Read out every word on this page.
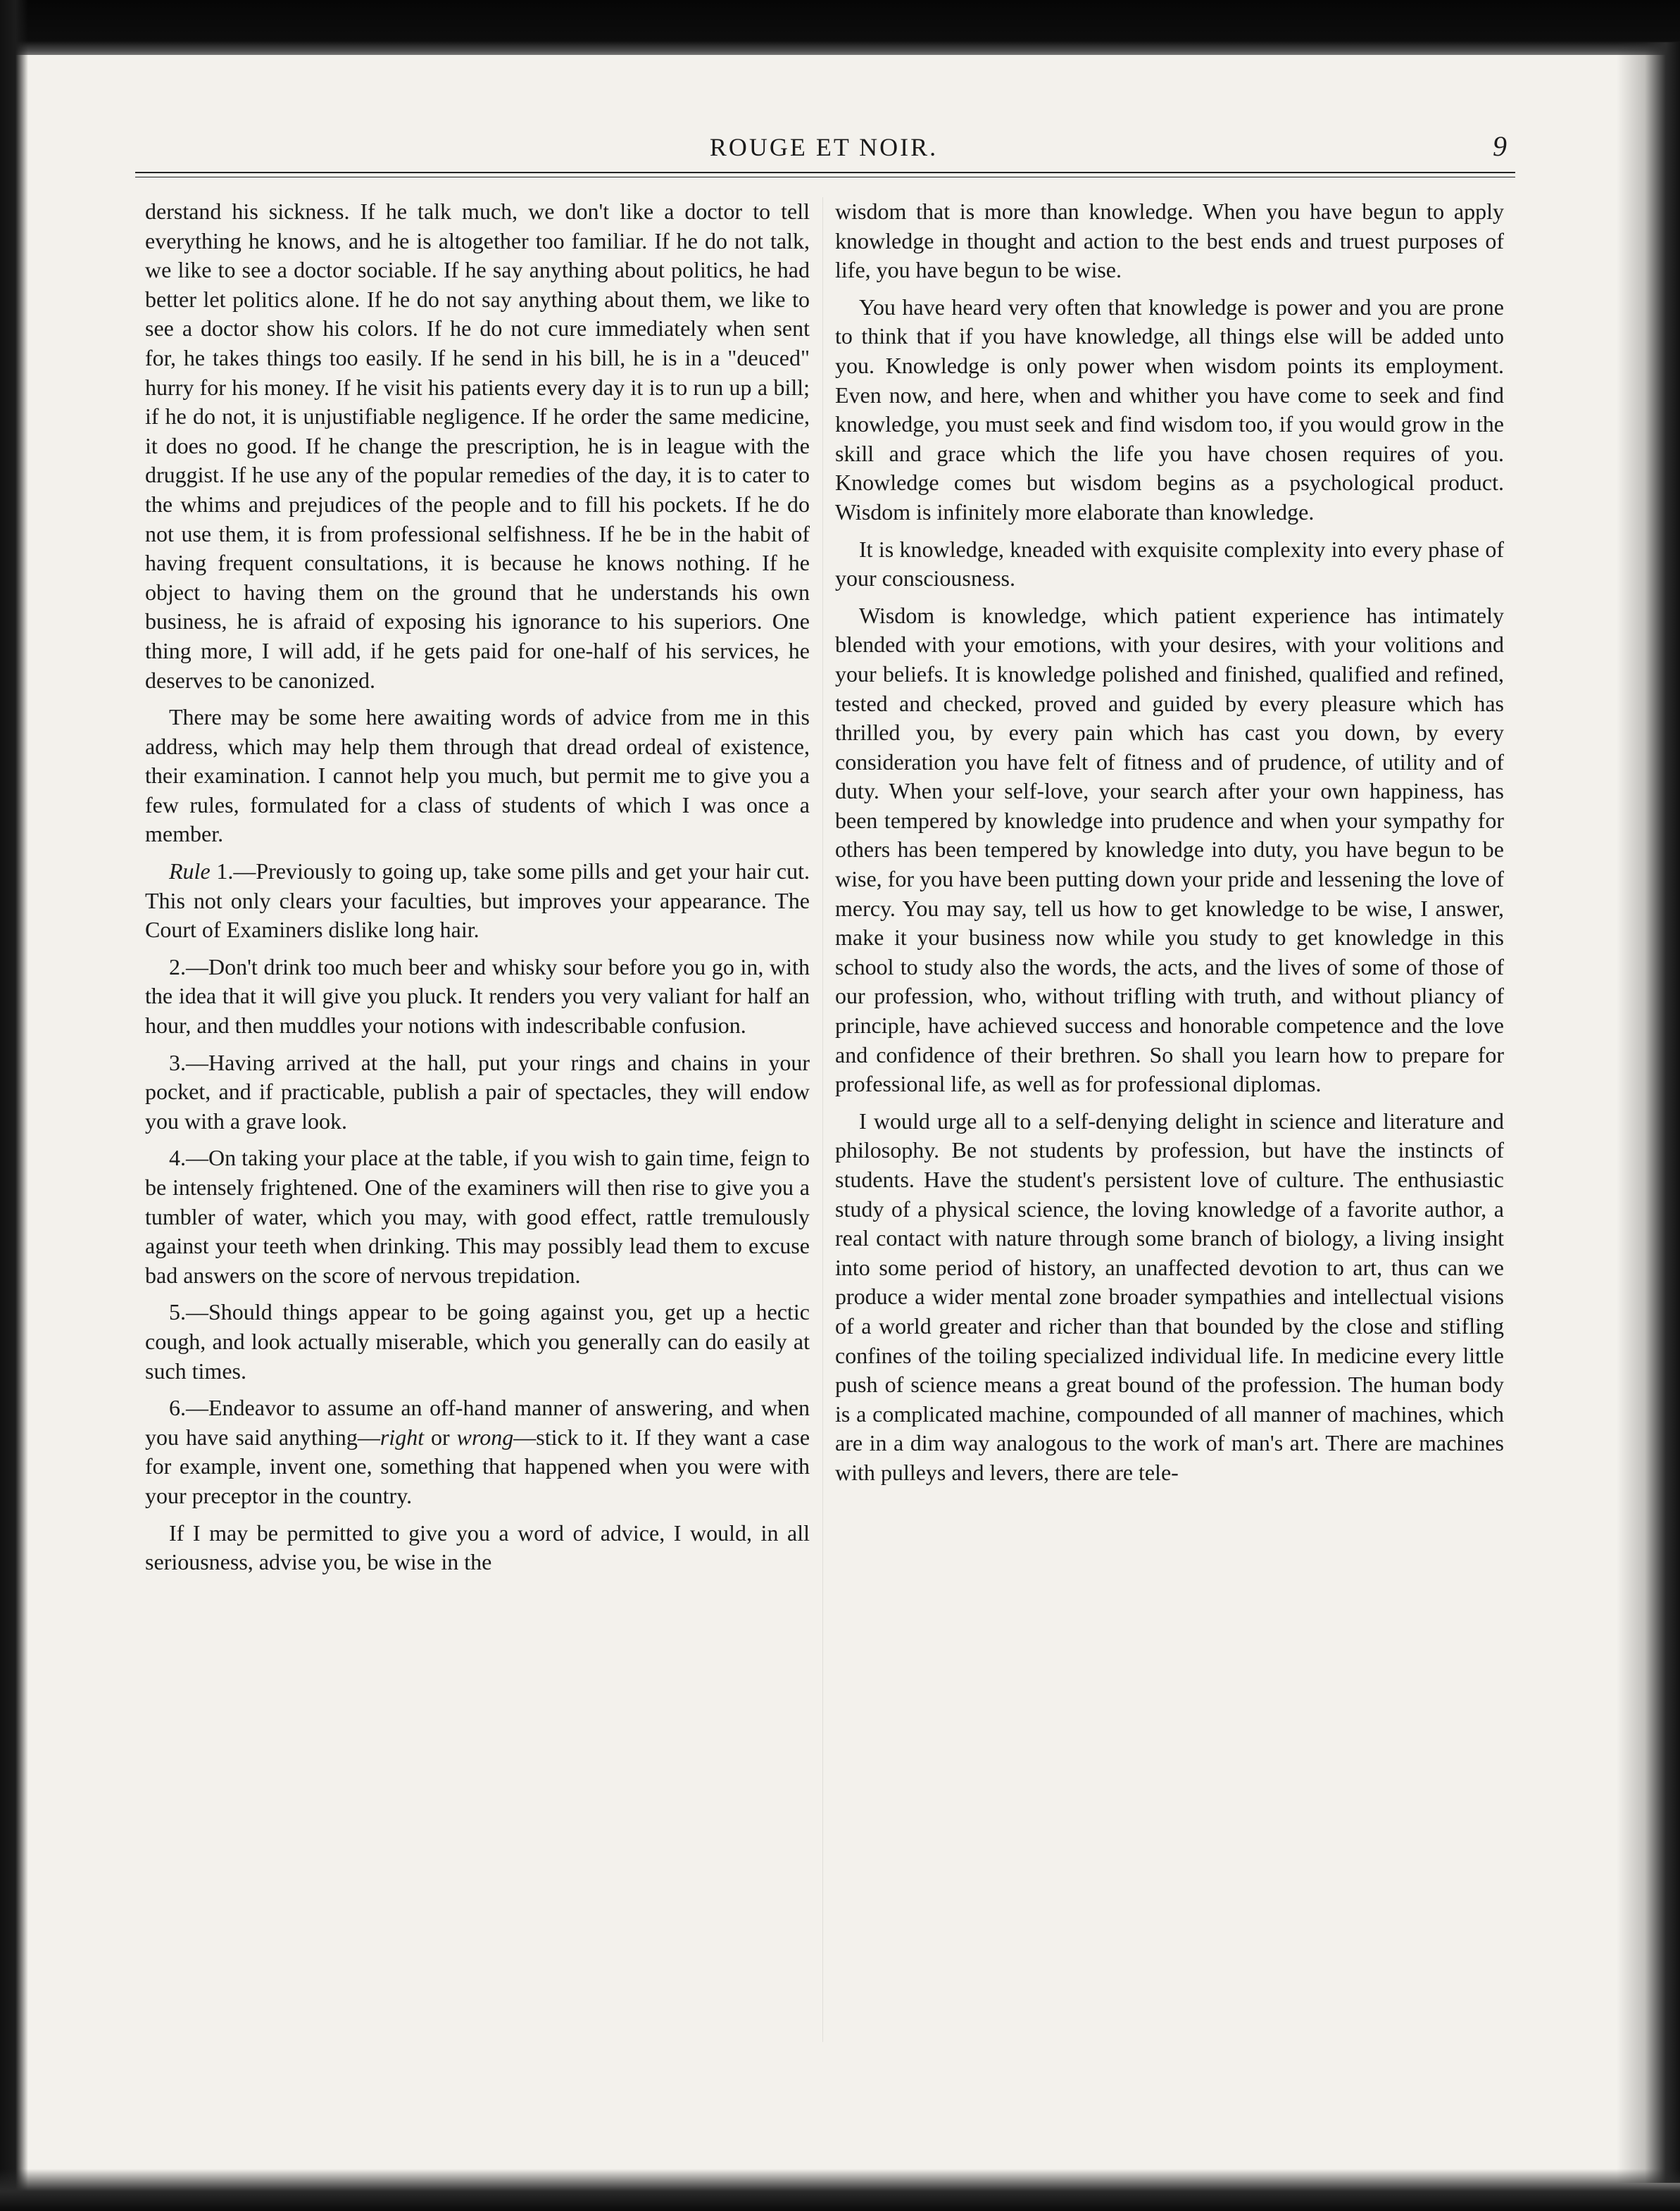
ROUGE ET NOIR.	9

derstand his sickness. If he talk much, we don't like a doctor to tell everything he knows, and he is altogether too familiar. If he do not talk, we like to see a doctor sociable. If he say anything about politics, he had better let politics alone. If he do not say anything about them, we like to see a doctor show his colors. If he do not cure immediately when sent for, he takes things too easily. If he send in his bill, he is in a "deuced" hurry for his money. If he visit his patients every day it is to run up a bill; if he do not, it is unjustifiable negligence. If he order the same medicine, it does no good. If he change the prescription, he is in league with the druggist. If he use any of the popular remedies of the day, it is to cater to the whims and prejudices of the people and to fill his pockets. If he do not use them, it is from professional selfishness. If he be in the habit of having frequent consultations, it is because he knows nothing. If he object to having them on the ground that he understands his own business, he is afraid of exposing his ignorance to his superiors. One thing more, I will add, if he gets paid for one-half of his services, he deserves to be canonized.

There may be some here awaiting words of advice from me in this address, which may help them through that dread ordeal of existence, their examination. I cannot help you much, but permit me to give you a few rules, formulated for a class of students of which I was once a member.

Rule 1.—Previously to going up, take some pills and get your hair cut. This not only clears your faculties, but improves your appearance. The Court of Examiners dislike long hair.

2.—Don't drink too much beer and whisky sour before you go in, with the idea that it will give you pluck. It renders you very valiant for half an hour, and then muddles your notions with indescribable confusion.

3.—Having arrived at the hall, put your rings and chains in your pocket, and if practicable, publish a pair of spectacles, they will endow you with a grave look.

4.—On taking your place at the table, if you wish to gain time, feign to be intensely frightened. One of the examiners will then rise to give you a tumbler of water, which you may, with good effect, rattle tremulously against your teeth when drinking. This may possibly lead them to excuse bad answers on the score of nervous trepidation.

5.—Should things appear to be going against you, get up a hectic cough, and look actually miserable, which you generally can do easily at such times.

6.—Endeavor to assume an off-hand manner of answering, and when you have said anything—right or wrong—stick to it. If they want a case for example, invent one, something that happened when you were with your preceptor in the country.

If I may be permitted to give you a word of advice, I would, in all seriousness, advise you, be wise in the

wisdom that is more than knowledge. When you have begun to apply knowledge in thought and action to the best ends and truest purposes of life, you have begun to be wise.

You have heard very often that knowledge is power and you are prone to think that if you have knowledge, all things else will be added unto you. Knowledge is only power when wisdom points its employment. Even now, and here, when and whither you have come to seek and find knowledge, you must seek and find wisdom too, if you would grow in the skill and grace which the life you have chosen requires of you. Knowledge comes but wisdom begins as a psychological product. Wisdom is infinitely more elaborate than knowledge.

It is knowledge, kneaded with exquisite complexity into every phase of your consciousness.

Wisdom is knowledge, which patient experience has intimately blended with your emotions, with your desires, with your volitions and your beliefs. It is knowledge polished and finished, qualified and refined, tested and checked, proved and guided by every pleasure which has thrilled you, by every pain which has cast you down, by every consideration you have felt of fitness and of prudence, of utility and of duty. When your self-love, your search after your own happiness, has been tempered by knowledge into prudence and when your sympathy for others has been tempered by knowledge into duty, you have begun to be wise, for you have been putting down your pride and lessening the love of mercy. You may say, tell us how to get knowledge to be wise, I answer, make it your business now while you study to get knowledge in this school to study also the words, the acts, and the lives of some of those of our profession, who, without trifling with truth, and without pliancy of principle, have achieved success and honorable competence and the love and confidence of their brethren. So shall you learn how to prepare for professional life, as well as for professional diplomas.

I would urge all to a self-denying delight in science and literature and philosophy. Be not students by profession, but have the instincts of students. Have the student's persistent love of culture. The enthusiastic study of a physical science, the loving knowledge of a favorite author, a real contact with nature through some branch of biology, a living insight into some period of history, an unaffected devotion to art, thus can we produce a wider mental zone broader sympathies and intellectual visions of a world greater and richer than that bounded by the close and stifling confines of the toiling specialized individual life. In medicine every little push of science means a great bound of the profession. The human body is a complicated machine, compounded of all manner of machines, which are in a dim way analogous to the work of man's art. There are machines with pulleys and levers, there are tele-
